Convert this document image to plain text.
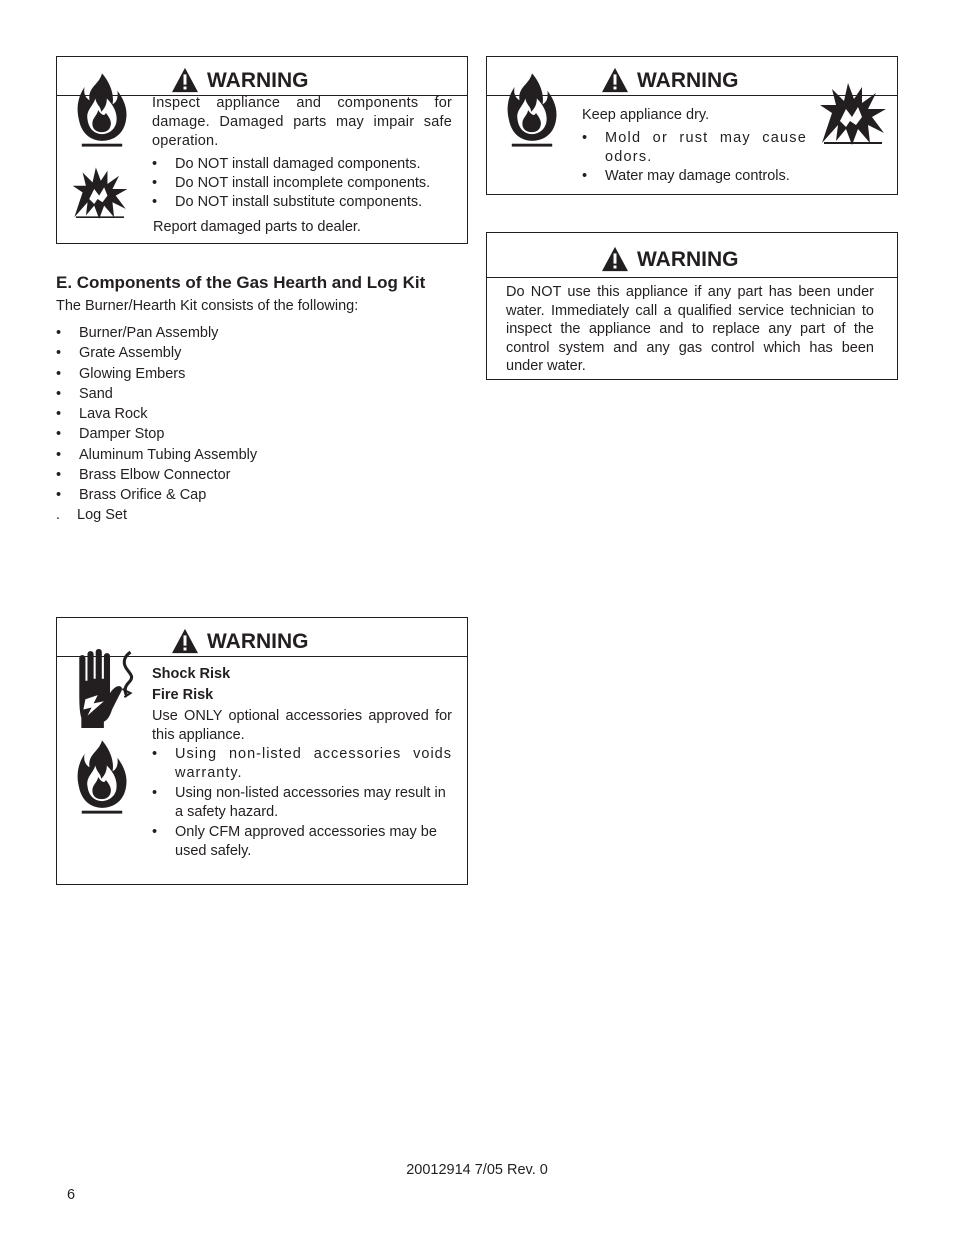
WARNING
Inspect appliance and components for damage. Damaged parts may impair safe operation.
•	Do NOT install damaged components.
•	Do NOT install incomplete components.
•	Do NOT install substitute components.
Report damaged parts to dealer.
WARNING
Keep appliance dry.
•	Mold or rust may cause odors.
•	Water may damage controls.
WARNING
Do NOT use this appliance if any part has been under water. Immediately call a qualified service technician to inspect the appliance and to replace any part of the control system and any gas control which has been under water.
E. Components of the Gas Hearth and Log Kit
The Burner/Hearth Kit consists of the following:
• Burner/Pan Assembly
• Grate Assembly
• Glowing Embers
• Sand
• Lava Rock
• Damper Stop
• Aluminum Tubing Assembly
• Brass Elbow Connector
• Brass Orifice & Cap
. Log Set
WARNING
Shock Risk
Fire Risk
Use ONLY optional accessories approved for this appliance.
•	Using non-listed accessories voids warranty.
•	Using non-listed accessories may result in a safety hazard.
•	Only CFM approved accessories may be used safely.
20012914 7/05 Rev. 0
6
